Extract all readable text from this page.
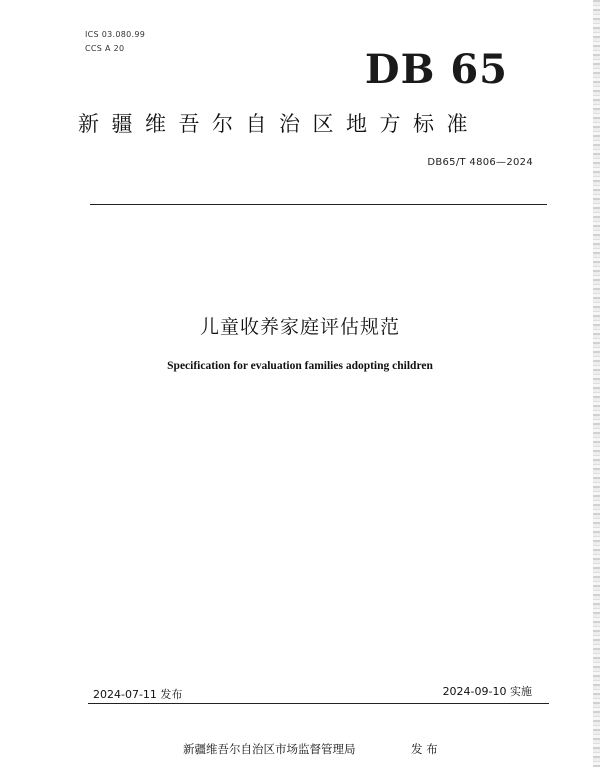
ICS 03.080.99
CCS A 20	DB 65
新疆维吾尔自治区地方标准
DB65/T 4806—2024
儿童收养家庭评估规范
Specification for evaluation families adopting children
2024-07-11 发布	2024-09-10 实施
新疆维吾尔自治区市场监督管理局	发 布
